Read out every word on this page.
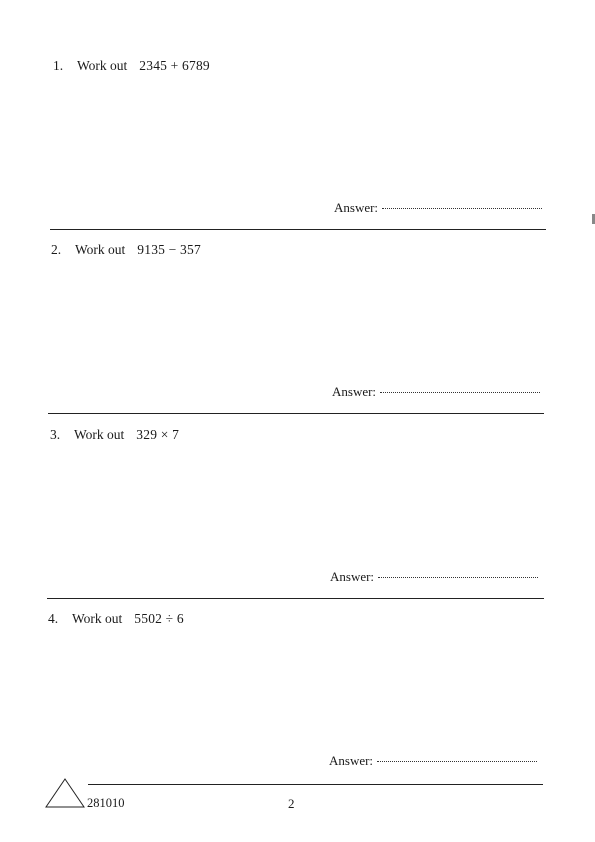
1. Work out 2345 + 6789
Answer:
2. Work out 9135 − 357
Answer:
3. Work out 329 × 7
Answer:
4. Work out 5502 ÷ 6
Answer:
281010	2
